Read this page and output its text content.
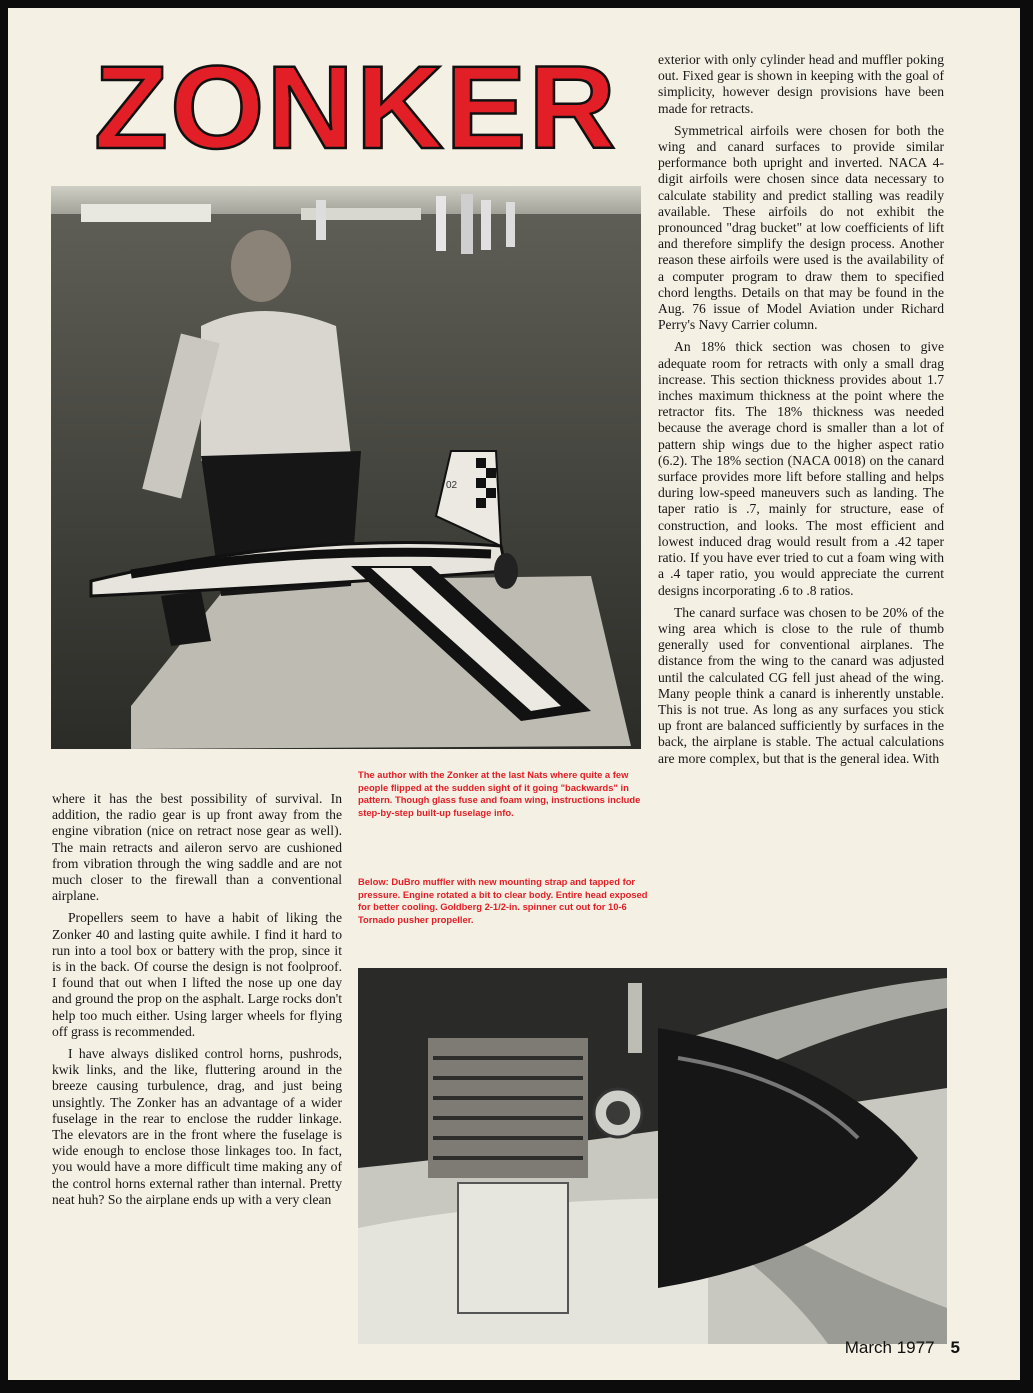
ZONKER
02
The author with the Zonker at the last Nats where quite a few people flipped at the sudden sight of it going "backwards" in pattern. Though glass fuse and foam wing, instructions include step-by-step built-up fuselage info.
Below: DuBro muffler with new mounting strap and tapped for pressure. Engine rotated a bit to clear body. Entire head exposed for better cooling. Goldberg 2-1/2-in. spinner cut out for 10-6 Tornado pusher propeller.

where it has the best possibility of survival. In addition, the radio gear is up front away from the engine vibration (nice on retract nose gear as well). The main retracts and aileron servo are cushioned from vibration through the wing saddle and are not much closer to the firewall than a conventional airplane.

Propellers seem to have a habit of liking the Zonker 40 and lasting quite awhile. I find it hard to run into a tool box or battery with the prop, since it is in the back. Of course the design is not foolproof. I found that out when I lifted the nose up one day and ground the prop on the asphalt. Large rocks don't help too much either. Using larger wheels for flying off grass is recommended.

I have always disliked control horns, pushrods, kwik links, and the like, fluttering around in the breeze causing turbulence, drag, and just being unsightly. The Zonker has an advantage of a wider fuselage in the rear to enclose the rudder linkage. The elevators are in the front where the fuselage is wide enough to enclose those linkages too. In fact, you would have a more difficult time making any of the control horns external rather than internal. Pretty neat huh? So the airplane ends up with a very clean

exterior with only cylinder head and muffler poking out. Fixed gear is shown in keeping with the goal of simplicity, however design provisions have been made for retracts.

Symmetrical airfoils were chosen for both the wing and canard surfaces to provide similar performance both upright and inverted. NACA 4-digit airfoils were chosen since data necessary to calculate stability and predict stalling was readily available. These airfoils do not exhibit the pronounced "drag bucket" at low coefficients of lift and therefore simplify the design process. Another reason these airfoils were used is the availability of a computer program to draw them to specified chord lengths. Details on that may be found in the Aug. 76 issue of Model Aviation under Richard Perry's Navy Carrier column.

An 18% thick section was chosen to give adequate room for retracts with only a small drag increase. This section thickness provides about 1.7 inches maximum thickness at the point where the retractor fits. The 18% thickness was needed because the average chord is smaller than a lot of pattern ship wings due to the higher aspect ratio (6.2). The 18% section (NACA 0018) on the canard surface provides more lift before stalling and helps during low-speed maneuvers such as landing. The taper ratio is .7, mainly for structure, ease of construction, and looks. The most efficient and lowest induced drag would result from a .42 taper ratio. If you have ever tried to cut a foam wing with a .4 taper ratio, you would appreciate the current designs incorporating .6 to .8 ratios.

The canard surface was chosen to be 20% of the wing area which is close to the rule of thumb generally used for conventional airplanes. The distance from the wing to the canard was adjusted until the calculated CG fell just ahead of the wing. Many people think a canard is inherently unstable. This is not true. As long as any surfaces you stick up front are balanced sufficiently by surfaces in the back, the airplane is stable. The actual calculations are more complex, but that is the general idea. With

March 1977 5
